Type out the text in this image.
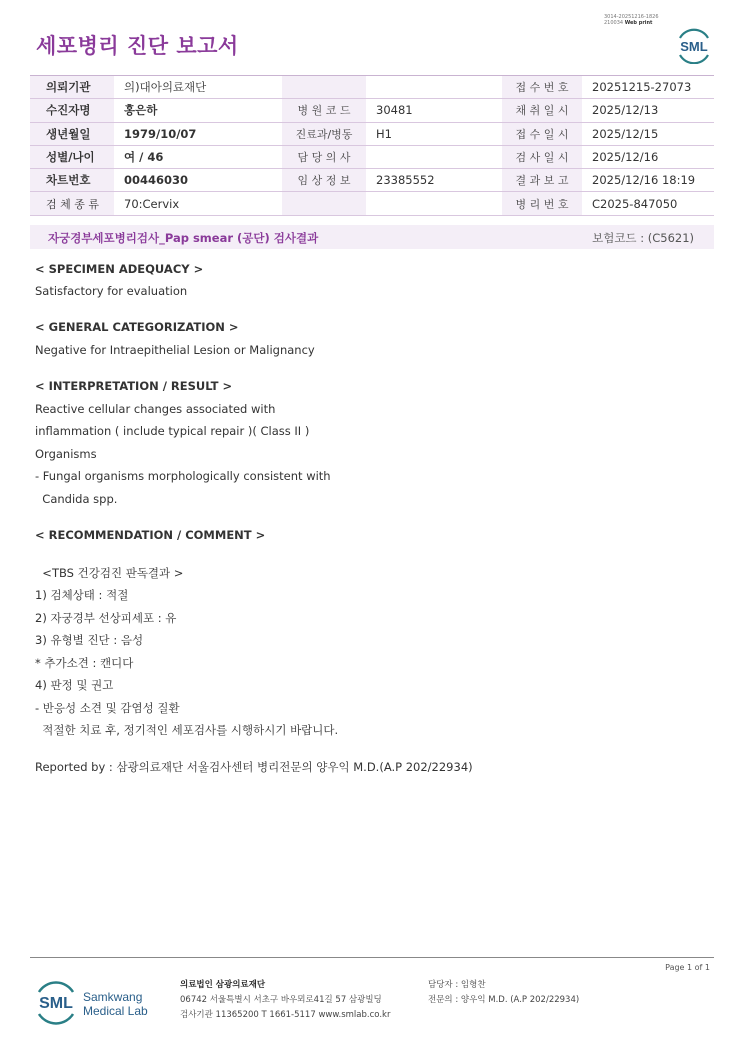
세포병리 진단 보고서
3014-20251216-1826
210034 Web print
SML
의뢰기관	의)대아의료재단			접 수 번 호	20251215-27073
수진자명	홍은하	병 원 코 드	30481	채 취 일 시	2025/12/13
생년월일	1979/10/07	진료과/병동	H1	접 수 일 시	2025/12/15
성별/나이	여 / 46	담 당 의 사		검 사 일 시	2025/12/16
차트번호	00446030	임 상 정 보	23385552	결 과 보 고	2025/12/16 18:19
검 체 종 류	70:Cervix			병 리 번 호	C2025-847050
자궁경부세포병리검사_Pap smear (공단) 검사결과	보험코드 : (C5621)
< SPECIMEN ADEQUACY >
Satisfactory for evaluation
< GENERAL CATEGORIZATION >
Negative for Intraepithelial Lesion or Malignancy
< INTERPRETATION / RESULT >
Reactive cellular changes associated with
inflammation ( include typical repair )( Class II )
Organisms
- Fungal organisms morphologically consistent with
Candida spp.
< RECOMMENDATION / COMMENT >
<TBS 건강검진 판독결과 >
1) 검체상태 : 적절
2) 자궁경부 선상피세포 : 유
3) 유형별 진단 : 음성
* 추가소견 : 캔디다
4) 판정 및 권고
- 반응성 소견 및 감염성 질환
적절한 치료 후, 정기적인 세포검사를 시행하시기 바랍니다.
Reported by : 삼광의료재단 서울검사센터 병리전문의 양우익 M.D.(A.P 202/22934)
Page 1 of 1
SML Samkwang
Medical Lab
의료법인 삼광의료재단
06742 서울특별시 서초구 바우뫼로41길 57 삼광빌딩
검사기관 11365200 T 1661-5117 www.smlab.co.kr
담당자 : 임형찬
전문의 : 양우익 M.D. (A.P 202/22934)
